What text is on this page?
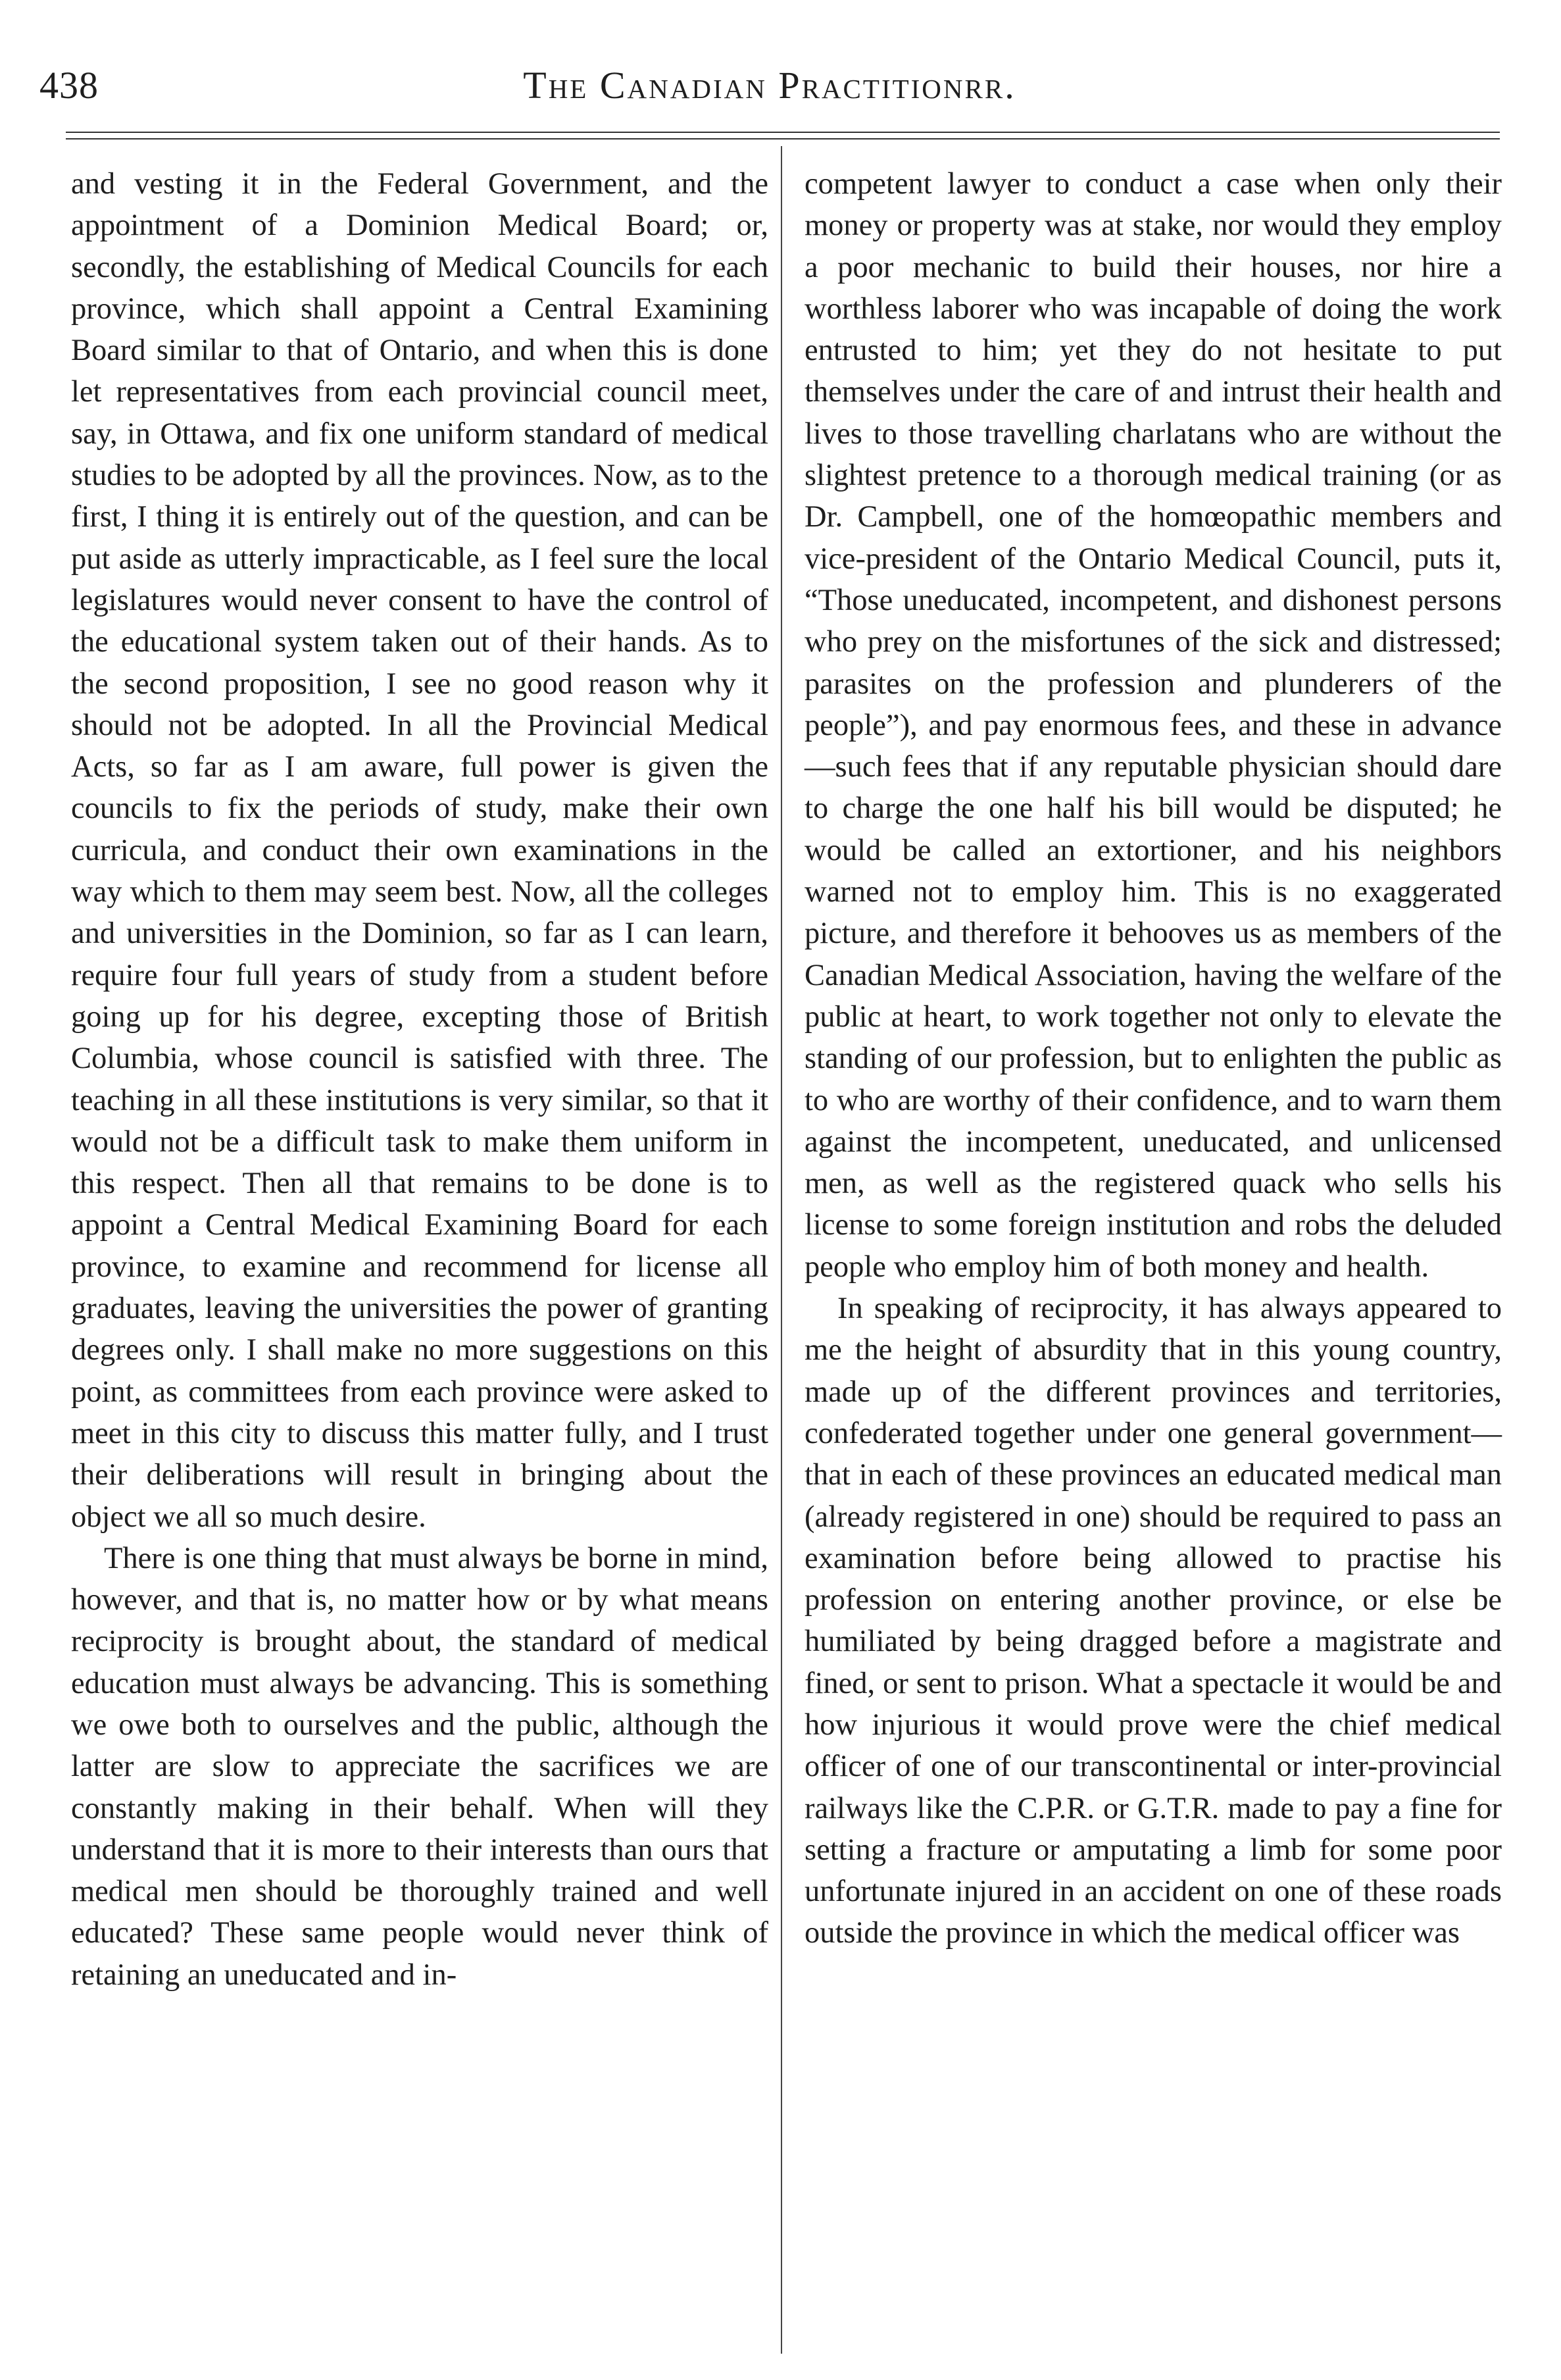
438	The Canadian Practitionrr.

and vesting it in the Federal Government, and the appointment of a Dominion Medical Board; or, secondly, the establishing of Medical Councils for each province, which shall appoint a Central Examining Board similar to that of Ontario, and when this is done let representatives from each provincial council meet, say, in Ottawa, and fix one uniform standard of medical studies to be adopted by all the provinces. Now, as to the first, I thing it is entirely out of the question, and can be put aside as utterly impracticable, as I feel sure the local legislatures would never consent to have the control of the educational system taken out of their hands. As to the second proposition, I see no good reason why it should not be adopted. In all the Provincial Medical Acts, so far as I am aware, full power is given the councils to fix the periods of study, make their own curricula, and conduct their own examinations in the way which to them may seem best. Now, all the colleges and universities in the Dominion, so far as I can learn, require four full years of study from a student before going up for his degree, excepting those of British Columbia, whose council is satisfied with three. The teaching in all these institutions is very similar, so that it would not be a difficult task to make them uniform in this respect. Then all that remains to be done is to appoint a Central Medical Examining Board for each province, to examine and recommend for license all graduates, leaving the universities the power of granting degrees only. I shall make no more suggestions on this point, as committees from each province were asked to meet in this city to discuss this matter fully, and I trust their deliberations will result in bringing about the object we all so much desire.

There is one thing that must always be borne in mind, however, and that is, no matter how or by what means reciprocity is brought about, the standard of medical education must always be advancing. This is something we owe both to ourselves and the public, although the latter are slow to appreciate the sacrifices we are constantly making in their behalf. When will they understand that it is more to their interests than ours that medical men should be thoroughly trained and well educated? These same people would never think of retaining an uneducated and in-

competent lawyer to conduct a case when only their money or property was at stake, nor would they employ a poor mechanic to build their houses, nor hire a worthless laborer who was incapable of doing the work entrusted to him; yet they do not hesitate to put themselves under the care of and intrust their health and lives to those travelling charlatans who are without the slightest pretence to a thorough medical training (or as Dr. Campbell, one of the homœopathic members and vice-president of the Ontario Medical Council, puts it, “Those uneducated, incompetent, and dishonest persons who prey on the misfortunes of the sick and distressed; parasites on the profession and plunderers of the people”), and pay enormous fees, and these in advance—such fees that if any reputable physician should dare to charge the one half his bill would be disputed; he would be called an extortioner, and his neighbors warned not to employ him. This is no exaggerated picture, and therefore it behooves us as members of the Canadian Medical Association, having the welfare of the public at heart, to work together not only to elevate the standing of our profession, but to enlighten the public as to who are worthy of their confidence, and to warn them against the incompetent, uneducated, and unlicensed men, as well as the registered quack who sells his license to some foreign institution and robs the deluded people who employ him of both money and health.

In speaking of reciprocity, it has always appeared to me the height of absurdity that in this young country, made up of the different provinces and territories, confederated together under one general government—that in each of these provinces an educated medical man (already registered in one) should be required to pass an examination before being allowed to practise his profession on entering another province, or else be humiliated by being dragged before a magistrate and fined, or sent to prison. What a spectacle it would be and how injurious it would prove were the chief medical officer of one of our transcontinental or inter-provincial railways like the C.P.R. or G.T.R. made to pay a fine for setting a fracture or amputating a limb for some poor unfortunate injured in an accident on one of these roads outside the province in which the medical officer was
